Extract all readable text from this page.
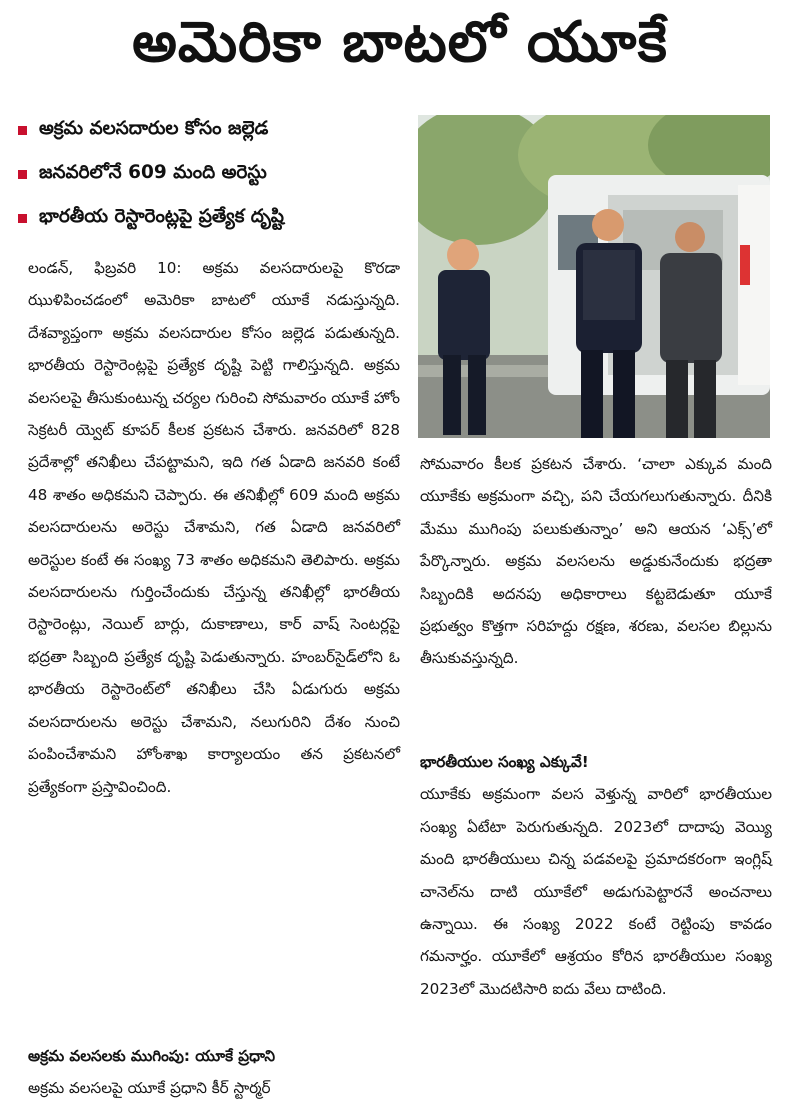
అమెరికా బాటలో యూకే
అక్రమ వలసదారుల కోసం జల్లెడ
జనవరిలోనే 609 మంది అరెస్టు
భారతీయ రెస్టారెంట్లపై ప్రత్యేక దృష్టి

లండన్, ఫిబ్రవరి 10: అక్రమ వలసదారులపై కొరడా ఝుళిపించడంలో అమెరికా బాటలో యూకే నడుస్తున్నది. దేశవ్యాప్తంగా అక్రమ వలసదారుల కోసం జల్లెడ పడుతున్నది. భారతీయ రెస్టారెంట్లపై ప్రత్యేక దృష్టి పెట్టి గాలిస్తున్నది. అక్రమ వలసలపై తీసుకుంటున్న చర్యల గురించి సోమవారం యూకే హోం సెక్రటరీ య్వెట్ కూపర్ కీలక ప్రకటన చేశారు. జనవరిలో 828 ప్రదేశాల్లో తనిఖీలు చేపట్టామని, ఇది గత ఏడాది జనవరి కంటే 48 శాతం అధికమని చెప్పారు. ఈ తనిఖీల్లో 609 మంది అక్రమ వలసదారులను అరెస్టు చేశామని, గత ఏడాది జనవరిలో అరెస్టుల కంటే ఈ సంఖ్య 73 శాతం అధికమని తెలిపారు. అక్రమ వలసదారులను గుర్తించేందుకు చేస్తున్న తనిఖీల్లో భారతీయ రెస్టారెంట్లు, నెయిల్ బార్లు, దుకాణాలు, కార్ వాష్ సెంటర్లపై భద్రతా సిబ్బంది ప్రత్యేక దృష్టి పెడుతున్నారు. హంబర్‌సైడ్‌లోని ఓ భారతీయ రెస్టారెంట్‌లో తనిఖీలు చేసి ఏడుగురు అక్రమ వలసదారులను అరెస్టు చేశామని, నలుగురిని దేశం నుంచి పంపించేశామని హోంశాఖ కార్యాలయం తన ప్రకటనలో ప్రత్యేకంగా ప్రస్తావించింది.

అక్రమ వలసలకు ముగింపు: యూకే ప్రధాని

అక్రమ వలసలపై యూకే ప్రధాని కీర్ స్టార్మర్

సోమవారం కీలక ప్రకటన చేశారు. ‘చాలా ఎక్కువ మంది యూకేకు అక్రమంగా వచ్చి, పని చేయగలుగుతున్నారు. దీనికి మేము ముగింపు పలుకుతున్నాం’ అని ఆయన ‘ఎక్స్’లో పేర్కొన్నారు. అక్రమ వలసలను అడ్డుకునేందుకు భద్రతా సిబ్బందికి అదనపు అధికారాలు కట్టబెడుతూ యూకే ప్రభుత్వం కొత్తగా సరిహద్దు రక్షణ, శరణు, వలసల బిల్లును తీసుకువస్తున్నది.

భారతీయుల సంఖ్య ఎక్కువే!

యూకేకు అక్రమంగా వలస వెళ్తున్న వారిలో భారతీయుల సంఖ్య ఏటేటా పెరుగుతున్నది. 2023లో దాదాపు వెయ్యి మంది భారతీయులు చిన్న పడవలపై ప్రమాదకరంగా ఇంగ్లిష్ చానెల్‌ను దాటి యూకేలో అడుగుపెట్టారనే అంచనాలు ఉన్నాయి. ఈ సంఖ్య 2022 కంటే రెట్టింపు కావడం గమనార్హం. యూకేలో ఆశ్రయం కోరిన భారతీయుల సంఖ్య 2023లో మొదటిసారి ఐదు వేలు దాటింది.
